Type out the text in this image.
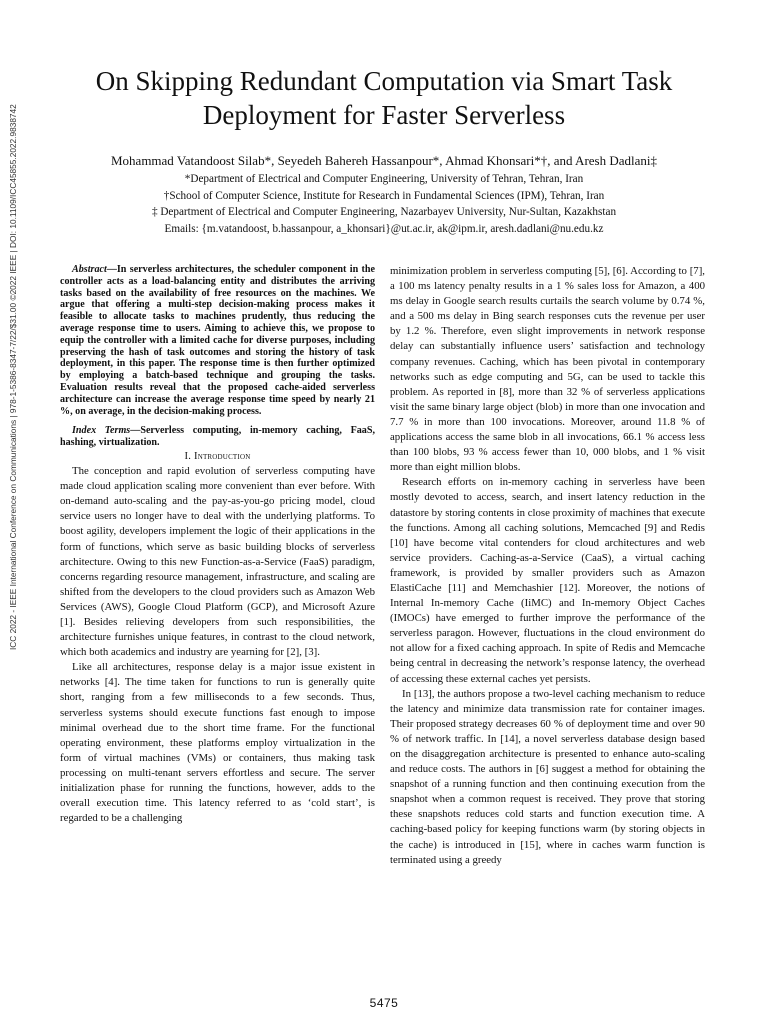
ICC 2022 - IEEE International Conference on Communications | 978-1-5386-8347-7/22/$31.00 ©2022 IEEE | DOI: 10.1109/ICC45855.2022.9838742
On Skipping Redundant Computation via Smart Task Deployment for Faster Serverless
Mohammad Vatandoost Silab*, Seyedeh Bahereh Hassanpour*, Ahmad Khonsari*†, and Aresh Dadlani‡
*Department of Electrical and Computer Engineering, University of Tehran, Tehran, Iran
†School of Computer Science, Institute for Research in Fundamental Sciences (IPM), Tehran, Iran
‡ Department of Electrical and Computer Engineering, Nazarbayev University, Nur-Sultan, Kazakhstan
Emails: {m.vatandoost, b.hassanpour, a_khonsari}@ut.ac.ir, ak@ipm.ir, aresh.dadlani@nu.edu.kz

Abstract—In serverless architectures, the scheduler component in the controller acts as a load-balancing entity and distributes the arriving tasks based on the availability of free resources on the machines. We argue that offering a multi-step decision-making process makes it feasible to allocate tasks to machines prudently, thus reducing the average response time to users. Aiming to achieve this, we propose to equip the controller with a limited cache for diverse purposes, including preserving the hash of task outcomes and storing the history of task deployment, in this paper. The response time is then further optimized by employing a batch-based technique and grouping the tasks. Evaluation results reveal that the proposed cache-aided serverless architecture can increase the average response time speed by nearly 21 %, on average, in the decision-making process.

Index Terms—Serverless computing, in-memory caching, FaaS, hashing, virtualization.

I. Introduction

The conception and rapid evolution of serverless computing have made cloud application scaling more convenient than ever before. With on-demand auto-scaling and the pay-as-you-go pricing model, cloud service users no longer have to deal with the underlying platforms. To boost agility, developers implement the logic of their applications in the form of functions, which serve as basic building blocks of serverless architecture. Owing to this new Function-as-a-Service (FaaS) paradigm, concerns regarding resource management, infrastructure, and scaling are shifted from the developers to the cloud providers such as Amazon Web Services (AWS), Google Cloud Platform (GCP), and Microsoft Azure [1]. Besides relieving developers from such responsibilities, the architecture furnishes unique features, in contrast to the cloud network, which both academics and industry are yearning for [2], [3].

Like all architectures, response delay is a major issue existent in networks [4]. The time taken for functions to run is generally quite short, ranging from a few milliseconds to a few seconds. Thus, serverless systems should execute functions fast enough to impose minimal overhead due to the short time frame. For the functional operating environment, these platforms employ virtualization in the form of virtual machines (VMs) or containers, thus making task processing on multi-tenant servers effortless and secure. The server initialization phase for running the functions, however, adds to the overall execution time. This latency referred to as ‘cold start’, is regarded to be a challenging

minimization problem in serverless computing [5], [6]. According to [7], a 100 ms latency penalty results in a 1 % sales loss for Amazon, a 400 ms delay in Google search results curtails the search volume by 0.74 %, and a 500 ms delay in Bing search responses cuts the revenue per user by 1.2 %. Therefore, even slight improvements in network response delay can substantially influence users’ satisfaction and technology company revenues. Caching, which has been pivotal in contemporary networks such as edge computing and 5G, can be used to tackle this problem. As reported in [8], more than 32 % of serverless applications visit the same binary large object (blob) in more than one invocation and 7.7 % in more than 100 invocations. Moreover, around 11.8 % of applications access the same blob in all invocations, 66.1 % access less than 100 blobs, 93 % access fewer than 10, 000 blobs, and 1 % visit more than eight million blobs.

Research efforts on in-memory caching in serverless have been mostly devoted to access, search, and insert latency reduction in the datastore by storing contents in close proximity of machines that execute the functions. Among all caching solutions, Memcached [9] and Redis [10] have become vital contenders for cloud architectures and web service providers. Caching-as-a-Service (CaaS), a virtual caching framework, is provided by smaller providers such as Amazon ElastiCache [11] and Memchashier [12]. Moreover, the notions of Internal In-memory Cache (IiMC) and In-memory Object Caches (IMOCs) have emerged to further improve the performance of the serverless paragon. However, fluctuations in the cloud environment do not allow for a fixed caching approach. In spite of Redis and Memcache being central in decreasing the network’s response latency, the overhead of accessing these external caches yet persists.

In [13], the authors propose a two-level caching mechanism to reduce the latency and minimize data transmission rate for container images. Their proposed strategy decreases 60 % of deployment time and over 90 % of network traffic. In [14], a novel serverless database design based on the disaggregation architecture is presented to enhance auto-scaling and reduce costs. The authors in [6] suggest a method for obtaining the snapshot of a running function and then continuing execution from the snapshot when a common request is received. They prove that storing these snapshots reduces cold starts and function execution time. A caching-based policy for keeping functions warm (by storing objects in the cache) is introduced in [15], where in caches warm function is terminated using a greedy

5475
